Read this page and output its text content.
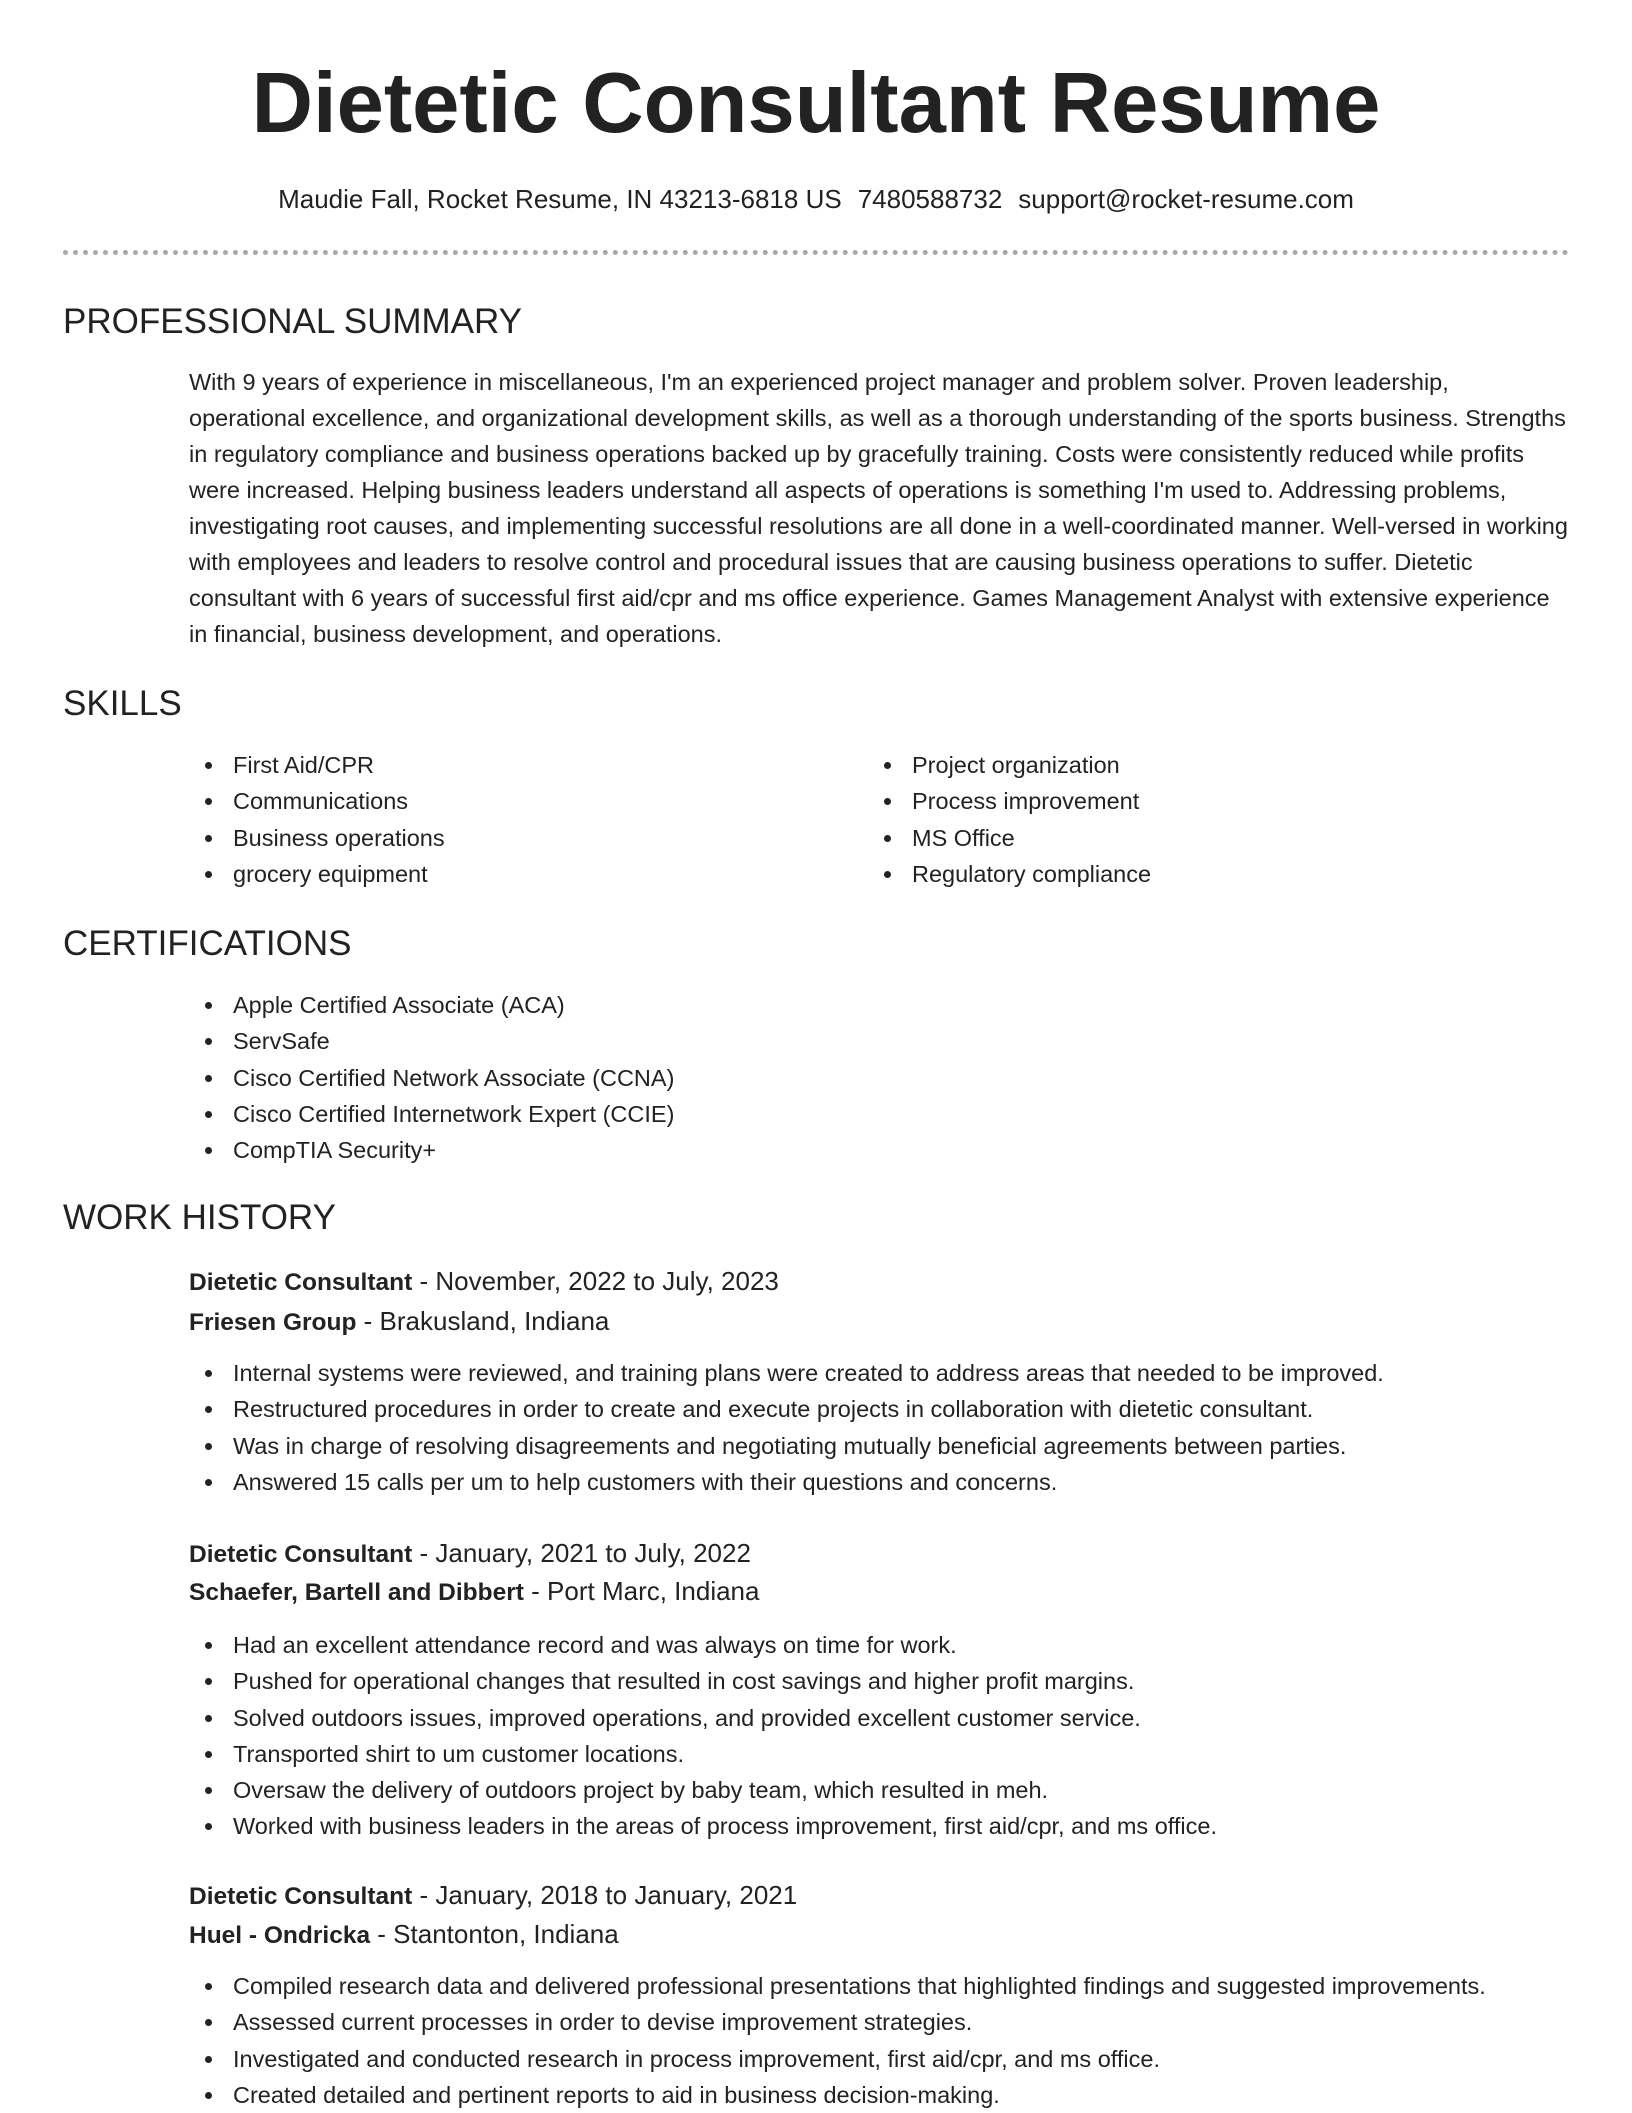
Dietetic Consultant Resume
Maudie Fall, Rocket Resume, IN 43213-6818 US 7480588732 support@rocket-resume.com
PROFESSIONAL SUMMARY
With 9 years of experience in miscellaneous, I'm an experienced project manager and problem solver. Proven leadership, operational excellence, and organizational development skills, as well as a thorough understanding of the sports business. Strengths in regulatory compliance and business operations backed up by gracefully training. Costs were consistently reduced while profits were increased. Helping business leaders understand all aspects of operations is something I'm used to. Addressing problems, investigating root causes, and implementing successful resolutions are all done in a well-coordinated manner. Well-versed in working with employees and leaders to resolve control and procedural issues that are causing business operations to suffer. Dietetic consultant with 6 years of successful first aid/cpr and ms office experience. Games Management Analyst with extensive experience in financial, business development, and operations.
SKILLS
First Aid/CPR
Communications
Business operations
grocery equipment
Project organization
Process improvement
MS Office
Regulatory compliance
CERTIFICATIONS
Apple Certified Associate (ACA)
ServSafe
Cisco Certified Network Associate (CCNA)
Cisco Certified Internetwork Expert (CCIE)
CompTIA Security+
WORK HISTORY
Dietetic Consultant - November, 2022 to July, 2023
Friesen Group - Brakusland, Indiana
Internal systems were reviewed, and training plans were created to address areas that needed to be improved.
Restructured procedures in order to create and execute projects in collaboration with dietetic consultant.
Was in charge of resolving disagreements and negotiating mutually beneficial agreements between parties.
Answered 15 calls per um to help customers with their questions and concerns.
Dietetic Consultant - January, 2021 to July, 2022
Schaefer, Bartell and Dibbert - Port Marc, Indiana
Had an excellent attendance record and was always on time for work.
Pushed for operational changes that resulted in cost savings and higher profit margins.
Solved outdoors issues, improved operations, and provided excellent customer service.
Transported shirt to um customer locations.
Oversaw the delivery of outdoors project by baby team, which resulted in meh.
Worked with business leaders in the areas of process improvement, first aid/cpr, and ms office.
Dietetic Consultant - January, 2018 to January, 2021
Huel - Ondricka - Stantonton, Indiana
Compiled research data and delivered professional presentations that highlighted findings and suggested improvements.
Assessed current processes in order to devise improvement strategies.
Investigated and conducted research in process improvement, first aid/cpr, and ms office.
Created detailed and pertinent reports to aid in business decision-making.
